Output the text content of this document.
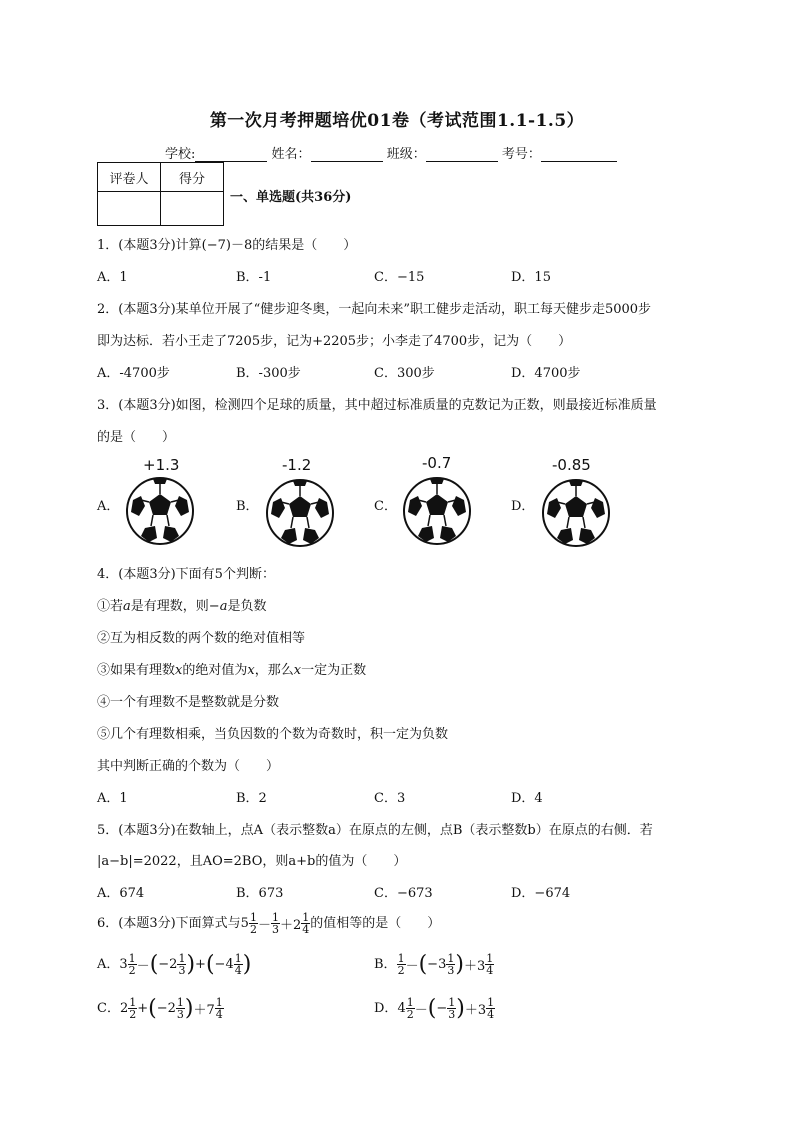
第一次月考押题培优01卷（考试范围1.1-1.5）
学校:	姓名：	班级：	考号：
评卷人	得分

一、单选题(共36分)
1．(本题3分)计算(−7)－8的结果是（　　）
A．1	B．-1	C．−15	D．15
2．(本题3分)某单位开展了“健步迎冬奥，一起向未来”职工健步走活动，职工每天健步走5000步
即为达标．若小王走了7205步，记为+2205步；小李走了4700步，记为（　　）
A．-4700步	B．-300步	C．300步	D．4700步
3．(本题3分)如图，检测四个足球的质量，其中超过标准质量的克数记为正数，则最接近标准质量
的是（　　）
+1.3	-1.2	-0.7	-0.85
A．	B．	C．	D．
4．(本题3分)下面有5个判断：
①若a是有理数，则−a是负数
②互为相反数的两个数的绝对值相等
③如果有理数x的绝对值为x，那么x一定为正数
④一个有理数不是整数就是分数
⑤几个有理数相乘，当负因数的个数为奇数时，积一定为负数
其中判断正确的个数为（　　）
A．1	B．2	C．3	D．4
5．(本题3分)在数轴上，点A（表示整数a）在原点的左侧，点B（表示整数b）在原点的右侧．若
|a−b|=2022，且AO=2BO，则a+b的值为（　　）
A．674	B．673	C．−673	D．−674
6．(本题3分)下面算式与$5 \frac{1}{2} - \frac{1}{3} +2 \frac{1}{4}$ 的值相等的是（　　）
A．$3 \frac{1}{2} -(-2 \frac{1}{3} )+(-4 \frac{1}{4}$ )	B． $\frac{1}{2} -(-3 \frac{1}{3} )+3 \frac{1}{4}$
C．$2 \frac{1}{2} +(-2 \frac{1}{3} )+7 \frac{1}{4}$	D．$4 \frac{1}{2}$ －(− $\frac{1}{3} )+3 \frac{1}{4}$
